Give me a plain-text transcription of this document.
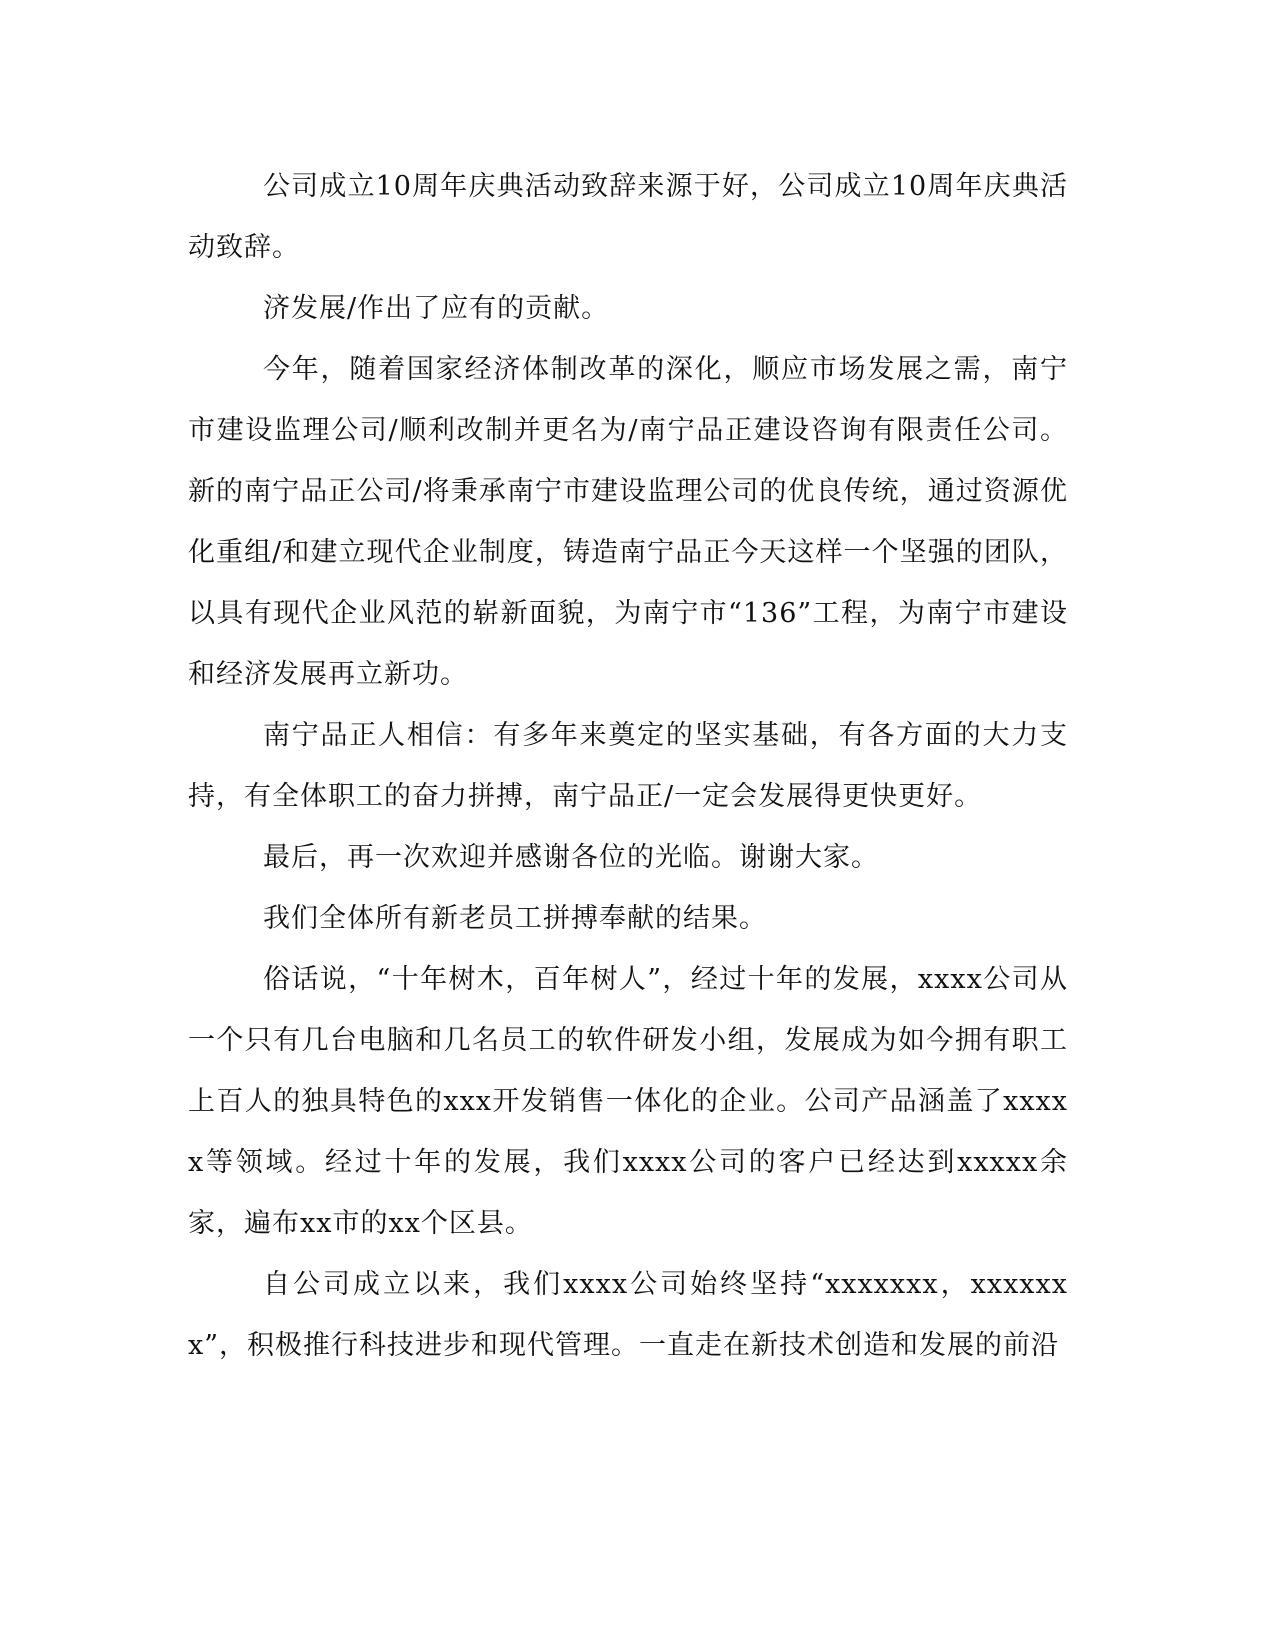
公司成立10周年庆典活动致辞来源于好，公司成立10周年庆典活动致辞。

济发展/作出了应有的贡献。

今年，随着国家经济体制改革的深化，顺应市场发展之需，南宁市建设监理公司/顺利改制并更名为/南宁品正建设咨询有限责任公司。新的南宁品正公司/将秉承南宁市建设监理公司的优良传统，通过资源优化重组/和建立现代企业制度，铸造南宁品正今天这样一个坚强的团队，以具有现代企业风范的崭新面貌，为南宁市“136”工程，为南宁市建设和经济发展再立新功。

南宁品正人相信：有多年来奠定的坚实基础，有各方面的大力支持，有全体职工的奋力拼搏，南宁品正/一定会发展得更快更好。

最后，再一次欢迎并感谢各位的光临。谢谢大家。

我们全体所有新老员工拼搏奉献的结果。

俗话说，“十年树木，百年树人”，经过十年的发展，xxxx公司从一个只有几台电脑和几名员工的软件研发小组，发展成为如今拥有职工上百人的独具特色的xxx开发销售一体化的企业。公司产品涵盖了xxxxx等领域。经过十年的发展，我们xxxx公司的客户已经达到xxxxx余家，遍布xx市的xx个区县。

自公司成立以来，我们xxxx公司始终坚持“xxxxxxx，xxxxxxx”，积极推行科技进步和现代管理。一直走在新技术创造和发展的前沿
